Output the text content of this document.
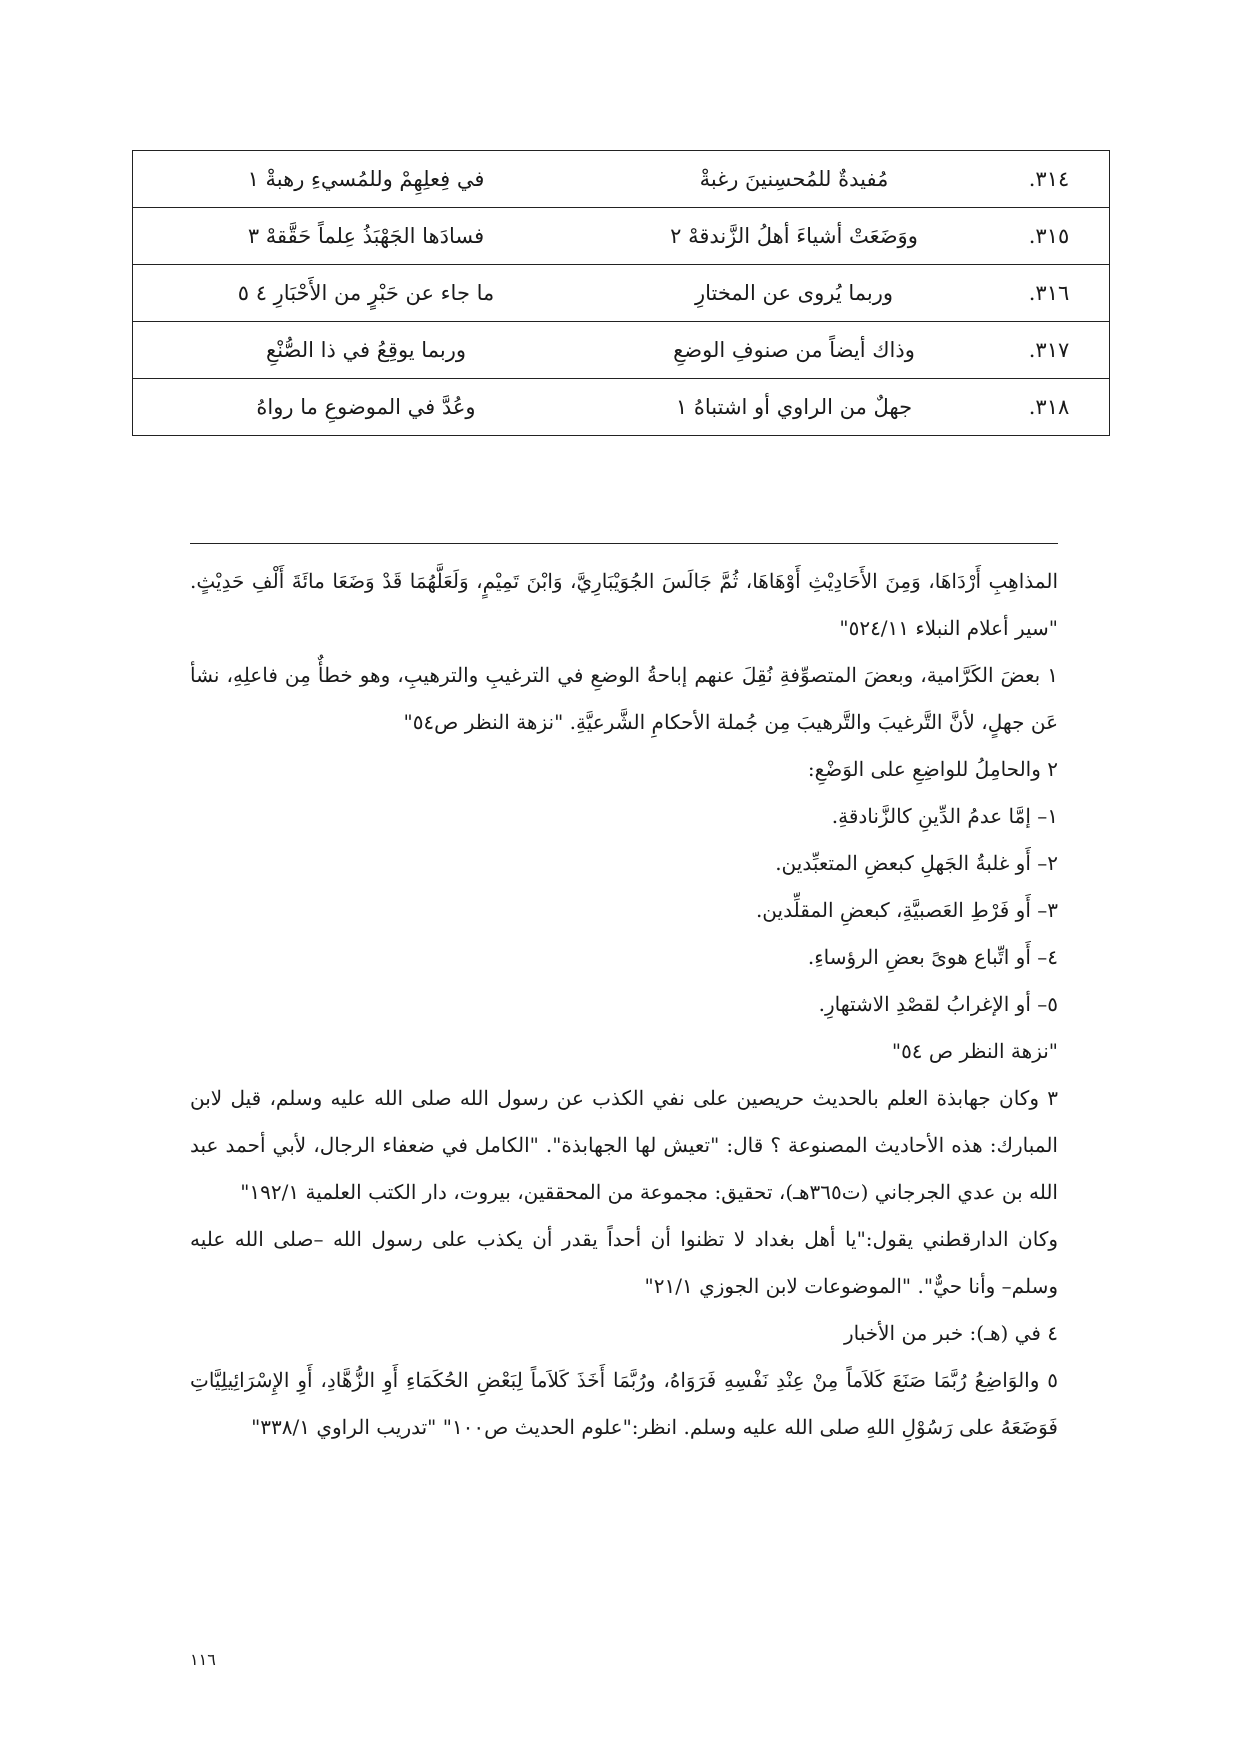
٣١٤.	مُفيدةٌ للمُحسِنينَ رغبةْ	في فِعلِهِمْ وللمُسيءِ رهبةْ ١
٣١٥.	ووَضَعَتْ أشياءَ أهلُ الزَّندقهْ ٢	فسادَها الجَهْبَذُ عِلماً حَقَّقهْ ٣
٣١٦.	وربما يُروى عن المختارِ	ما جاء عن حَبْرٍ من الأَحْبَارِ ٤ ٥
٣١٧.	وذاك أيضاً من صنوفِ الوضعِ	وربما يوقِعُ في ذا الصُّنْعِ
٣١٨.	جهلٌ من الراوي أو اشتباهُ ١	وعُدَّ في الموضوعِ ما رواهُ

المذاهِبِ أَرْدَاهَا، وَمِنَ الأَحَادِيْثِ أَوْهَاهَا، ثُمَّ جَالَسَ الجُوَيْبَارِيَّ، وَابْنَ تَمِيْمٍ، وَلَعَلَّهُمَا قَدْ وَضَعَا مائَةَ أَلْفِ حَدِيْثٍ. "سير أعلام النبلاء ٥٢٤/١١"

١ بعضَ الكَرَّامية، وبعضَ المتصوِّفةِ نُقِلَ عنهم إباحةُ الوضعِ في الترغيبِ والترهيبِ، وهو خطأٌ مِن فاعلِهِ، نشأ عَن جهلٍ، لأنَّ التَّرغيبَ والتَّرهيبَ مِن جُملة الأحكامِ الشَّرعيَّةِ. "نزهة النظر ص٥٤"

٢ والحامِلُ للواضِعِ على الوَضْعِ:

١– إمَّا عدمُ الدِّينِ كالزَّنادقةِ.

٢– أَو غلبةُ الجَهلِ كبعضِ المتعبِّدين.

٣– أَو فَرْطِ العَصبيَّةِ، كبعضِ المقلِّدين.

٤– أَو اتِّباع هوىً بعضِ الرؤساءِ.

٥– أو الإغرابُ لقصْدِ الاشتهارِ.

"نزهة النظر ص ٥٤"

٣ وكان جهابذة العلم بالحديث حريصين على نفي الكذب عن رسول الله صلى الله عليه وسلم، قيل لابن المبارك: هذه الأحاديث المصنوعة ؟ قال: "تعيش لها الجهابذة". "الكامل في ضعفاء الرجال، لأبي أحمد عبد الله بن عدي الجرجاني (ت٣٦٥هـ)، تحقيق: مجموعة من المحققين، بيروت، دار الكتب العلمية ١٩٢/١"

وكان الدارقطني يقول:"يا أهل بغداد لا تظنوا أن أحداً يقدر أن يكذب على رسول الله –صلى الله عليه وسلم– وأنا حيٌّ". "الموضوعات لابن الجوزي ٢١/١"

٤ في (هـ): خبر من الأخبار

٥ والوَاضِعُ رُبَّمَا صَنَعَ كَلاَماً مِنْ عِنْدِ نَفْسِهِ فَرَوَاهُ، ورُبَّمَا أَخَذَ كَلاَماً لِبَعْضِ الحُكَمَاءِ أَوِ الزُّهَّادِ، أَوِ الإِسْرَائِيلِيَّاتِ فَوَضَعَهُ على رَسُوْلِ اللهِ صلى الله عليه وسلم. انظر:"علوم الحديث ص١٠٠" "تدريب الراوي ٣٣٨/١"

١١٦
